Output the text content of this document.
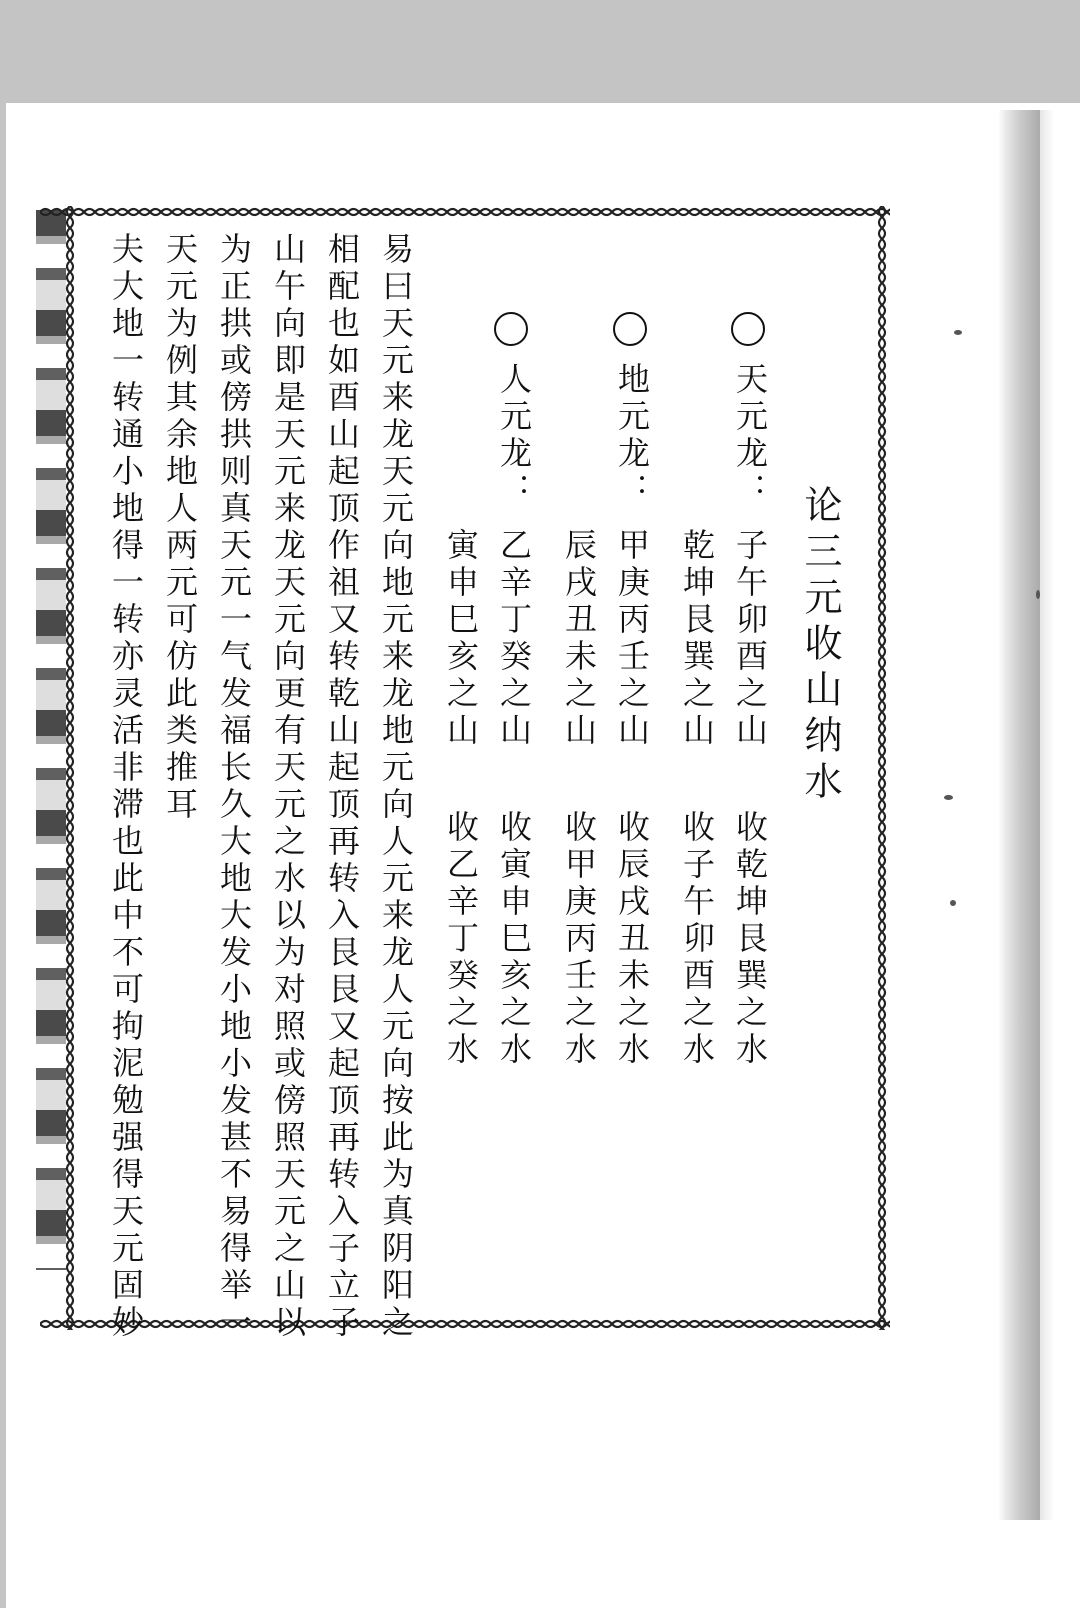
论三元收山纳水
天元龙：
子午卯酉之山
乾坤艮巽之山
收乾坤艮巽之水
收子午卯酉之水
地元龙：
甲庚丙壬之山
辰戌丑未之山
收辰戌丑未之水
收甲庚丙壬之水
人元龙：
乙辛丁癸之山
寅申巳亥之山
收寅申巳亥之水
收乙辛丁癸之水
易曰天元来龙天元向地元来龙地元向人元来龙人元向按此为真阴阳之
相配也如酉山起顶作祖又转乾山起顶再转入艮艮又起顶再转入子立子
山午向即是天元来龙天元向更有天元之水以为对照或傍照天元之山以
为正拱或傍拱则真天元一气发福长久大地大发小地小发甚不易得举一
天元为例其余地人两元可仿此类推耳
夫大地一转通小地得一转亦灵活非滞也此中不可拘泥勉强得天元固妙
